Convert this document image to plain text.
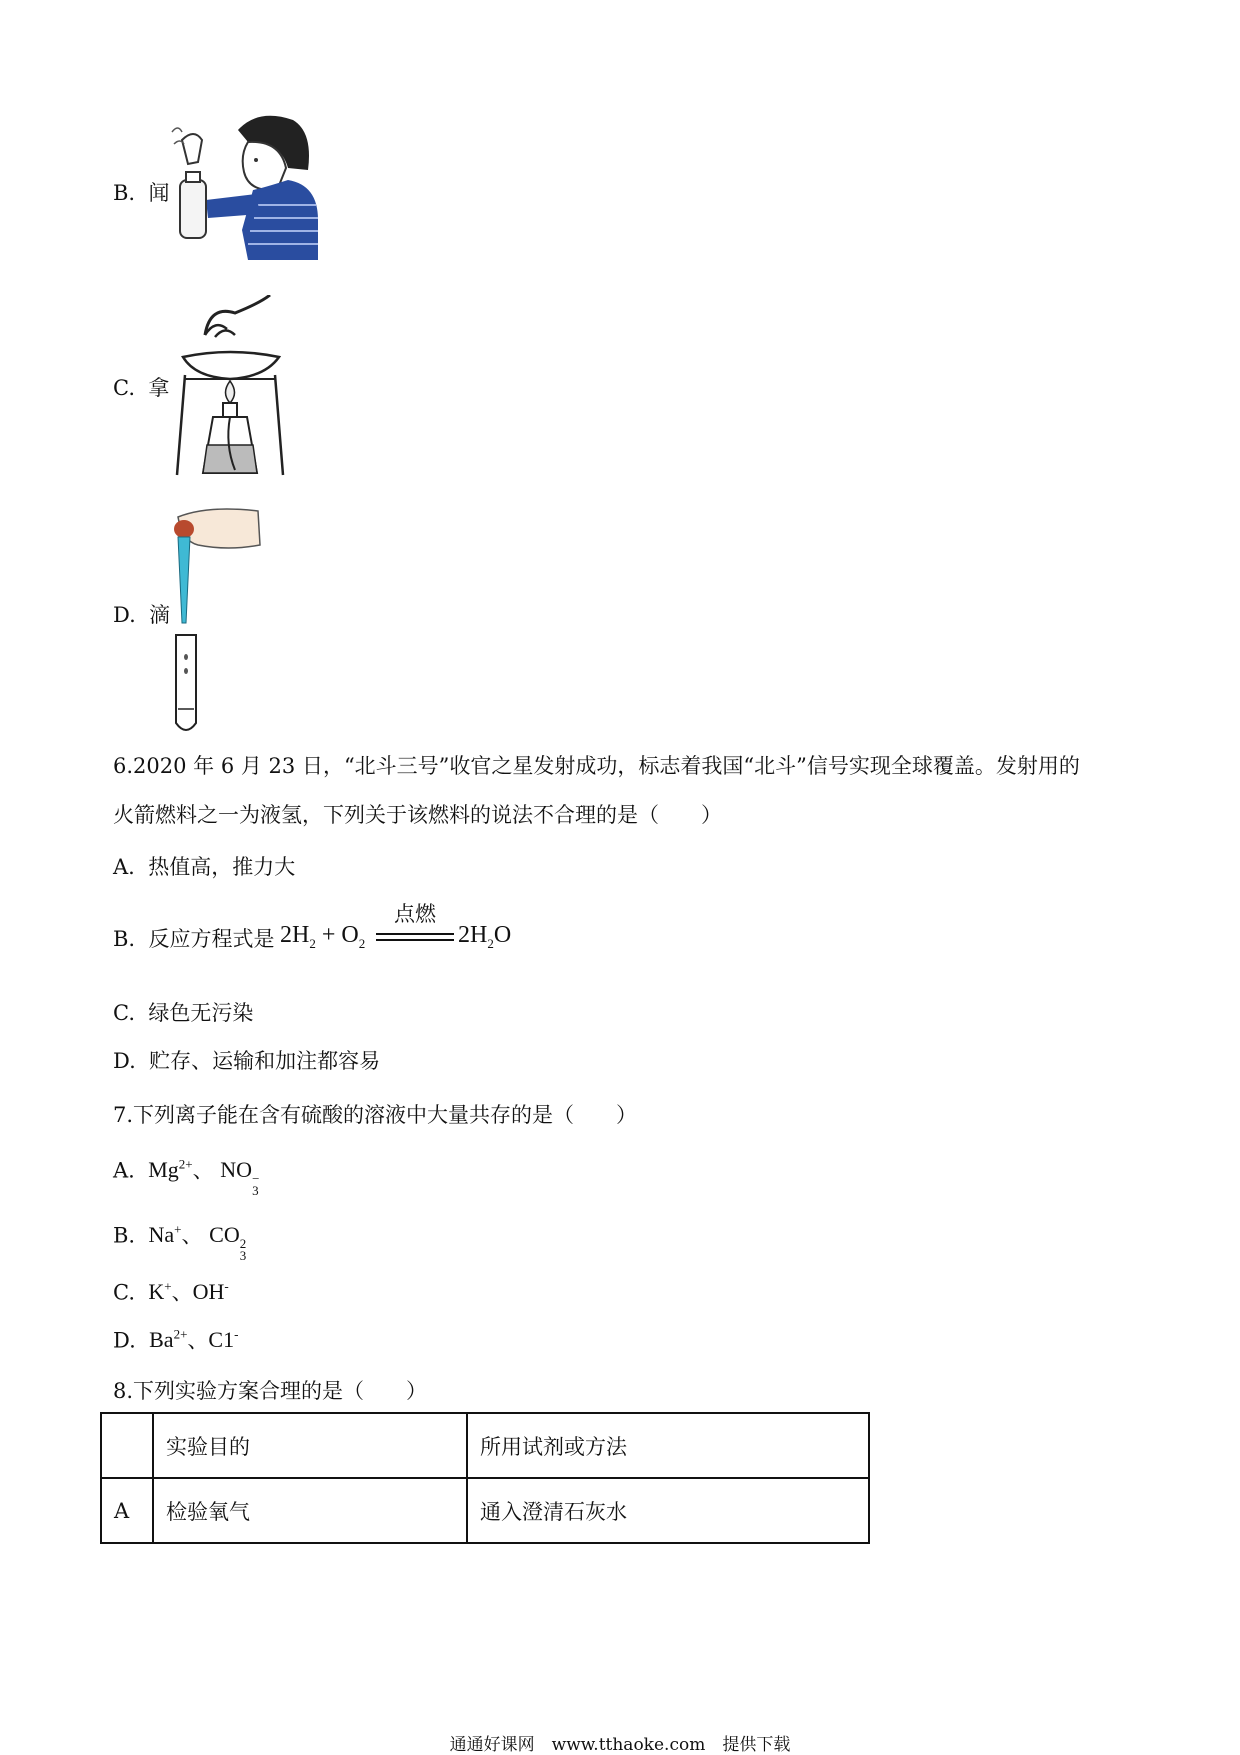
B. 闻
C. 拿
D. 滴
6.2020 年 6 月 23 日，“北斗三号”收官之星发射成功，标志着我国“北斗”信号实现全球覆盖。发射用的
火箭燃料之一为液氢，下列关于该燃料的说法不合理的是（　　）
A. 热值高，推力大
B. 反应方程式是 $2H_2 + O_2$
点燃
$2H_2O$
C. 绿色无污染
D. 贮存、运输和加注都容易
7.下列离子能在含有硫酸的溶液中大量共存的是（　　）
A. $Mg^{2+}$、 NO −
3
B. Na+、 CO 2
3
C. K+、OH-
D. $Ba^{2+}$、C1-
8.下列实验方案合理的是（　　）
	实验目的	所用试剂或方法
A	检验氧气	通入澄清石灰水
通通好课网　www.tthaoke.com　提供下载
